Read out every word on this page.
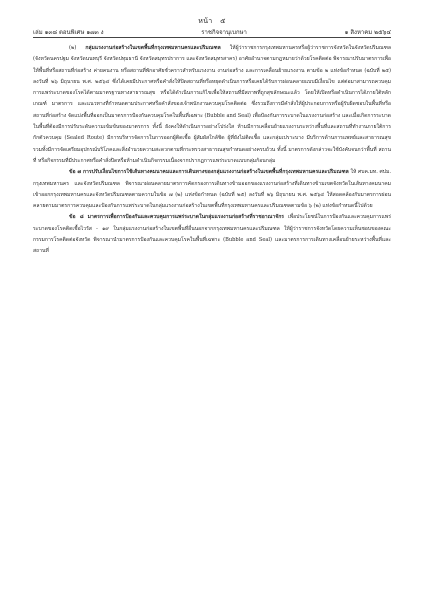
หน้า ๕
เล่ม ๑๓๘ ตอนพิเศษ ๑๗๓ ง	ราชกิจจานุเบกษา	๑ สิงหาคม ๒๕๖๔

(๒) กลุ่มแรงงานก่อสร้างในเขตพื้นที่กรุงเทพมหานครและปริมณฑล ให้ผู้ว่าราชการกรุงเทพมหานครหรือผู้ว่าราชการจังหวัดในจังหวัดปริมณฑล (จังหวัดนครปฐม จังหวัดนนทบุรี จังหวัดปทุมธานี จังหวัดสมุทรปราการ และจังหวัดสมุทรสาคร) อาศัยอำนาจตามกฎหมายว่าด้วยโรคติดต่อ พิจารณาปรับมาตรการเพื่อให้พื้นที่หรือสถานที่ก่อสร้าง ค่ายคนงาน หรือสถานที่พักอาศัยชั่วคราวสำหรับแรงงาน งานก่อสร้าง และการเคลื่อนย้ายแรงงาน ตามข้อ ๒ แห่งข้อกำหนด (ฉบับที่ ๒๕) ลงวันที่ ๒๖ มิถุนายน พ.ศ. ๒๕๖๔ ซึ่งได้เคยมีประกาศหรือคำสั่งให้ปิดสถานที่หรือหยุดดำเนินการหรือเคยได้รับการผ่อนคลายแบบมีเงื่อนไข แต่ต่อมาสามารถควบคุมการแพร่ระบาดของโรคได้ตามมาตรฐานทางสาธารณสุข หรือได้ดำเนินการแก้ไขเพื่อให้สถานที่มีสภาพที่ถูกสุขลักษณะแล้ว โดยให้เปิดหรือดำเนินการได้ภายใต้หลักเกณฑ์ มาตรการ และแนวทางที่กำหนดตามประกาศหรือคำสั่งของเจ้าพนักงานควบคุมโรคติดต่อ ซึ่งรวมถึงการมีคำสั่งให้ผู้ประกอบการหรือผู้รับผิดชอบในพื้นที่หรือสถานที่ก่อสร้าง จัดแบ่งพื้นที่ออกเป็นมาตรการป้องกันควบคุมโรคในพื้นที่เฉพาะ (Bubble and Seal) เพื่อป้องกันการระบาดในแรงงานก่อสร้าง และเมื่อเกิดการระบาดในพื้นที่ต้องมีการปรับระดับความเข้มข้นของมาตรการ ทั้งนี้ ยังคงให้ดำเนินการอย่างโปร่งใส ห้ามมีการเคลื่อนย้ายแรงงานระหว่างพื้นที่และสถานที่ทำงานภายใต้การกักตัวควบคุม (Sealed Route) มีการบริหารจัดการในการออกผู้ติดเชื้อ ผู้สัมผัสใกล้ชิด ผู้ที่ยังไม่ติดเชื้อ และกลุ่มเปราะบาง มีบริการด้านการแพทย์และสาธารณสุข รวมทั้งมีการจัดเตรียมอุปกรณ์บริโภคและสิ่งอำนวยความสะดวกตามที่กระทรวงสาธารณสุขกำหนดอย่างครบถ้วน ทั้งนี้ มาตรการดังกล่าวจะใช้บังคับจนกว่าพื้นที่ สถานที่ หรือกิจกรรมที่มีประกาศหรือคำสั่งปิดหรือห้ามดำเนินกิจกรรมเนื่องจากปรากฏการแพร่ระบาดแบบกลุ่มก้อนกลุ่ม

ข้อ ๗ การปรับเงื่อนไขการใช้เส้นทางคมนาคมและการเดินทางของกลุ่มแรงงานก่อสร้างในเขตพื้นที่กรุงเทพมหานครและปริมณฑล ให้ ศบค.มท. ศปม. กรุงเทพมหานคร และจังหวัดปริมณฑล พิจารณาผ่อนคลายมาตรการคัดกรองการเดินทางข้ามออกของแรงงานก่อสร้างที่เดินทางข้ามเขตจังหวัดในเส้นทางคมนาคมเข้าออกกรุงเทพมหานครและจังหวัดปริมณฑลตามความในข้อ ๗ (๒) แห่งข้อกำหนด (ฉบับที่ ๒๕) ลงวันที่ ๒๖ มิถุนายน พ.ศ. ๒๕๖๔ ให้สอดคล้องกับมาตรการผ่อนคลายตามมาตรการควบคุมและป้องกันการแพร่ระบาดในกลุ่มแรงงานก่อสร้างในเขตพื้นที่กรุงเทพมหานครและปริมณฑลตามข้อ ๖ (๒) แห่งข้อกำหนดนี้ไปด้วย

ข้อ ๘ มาตรการเพื่อการป้องกันและควบคุมการแพร่ระบาดในกลุ่มแรงงานก่อสร้างที่ราชอาณาจักร เพื่อประโยชน์ในการป้องกันและควบคุมการแพร่ระบาดของโรคติดเชื้อไวรัส - ๑๙ ในกลุ่มแรงงานก่อสร้างในเขตพื้นที่อื่นนอกจากกรุงเทพมหานครและปริมณฑล ให้ผู้ว่าราชการจังหวัดโดยความเห็นชอบของคณะกรรมการโรคติดต่อจังหวัด พิจารณานำมาตรการป้องกันและควบคุมโรคในพื้นที่เฉพาะ (Bubble and Seal) และมาตรการการเดินทางเคลื่อนย้ายระหว่างพื้นที่และสถานที่
